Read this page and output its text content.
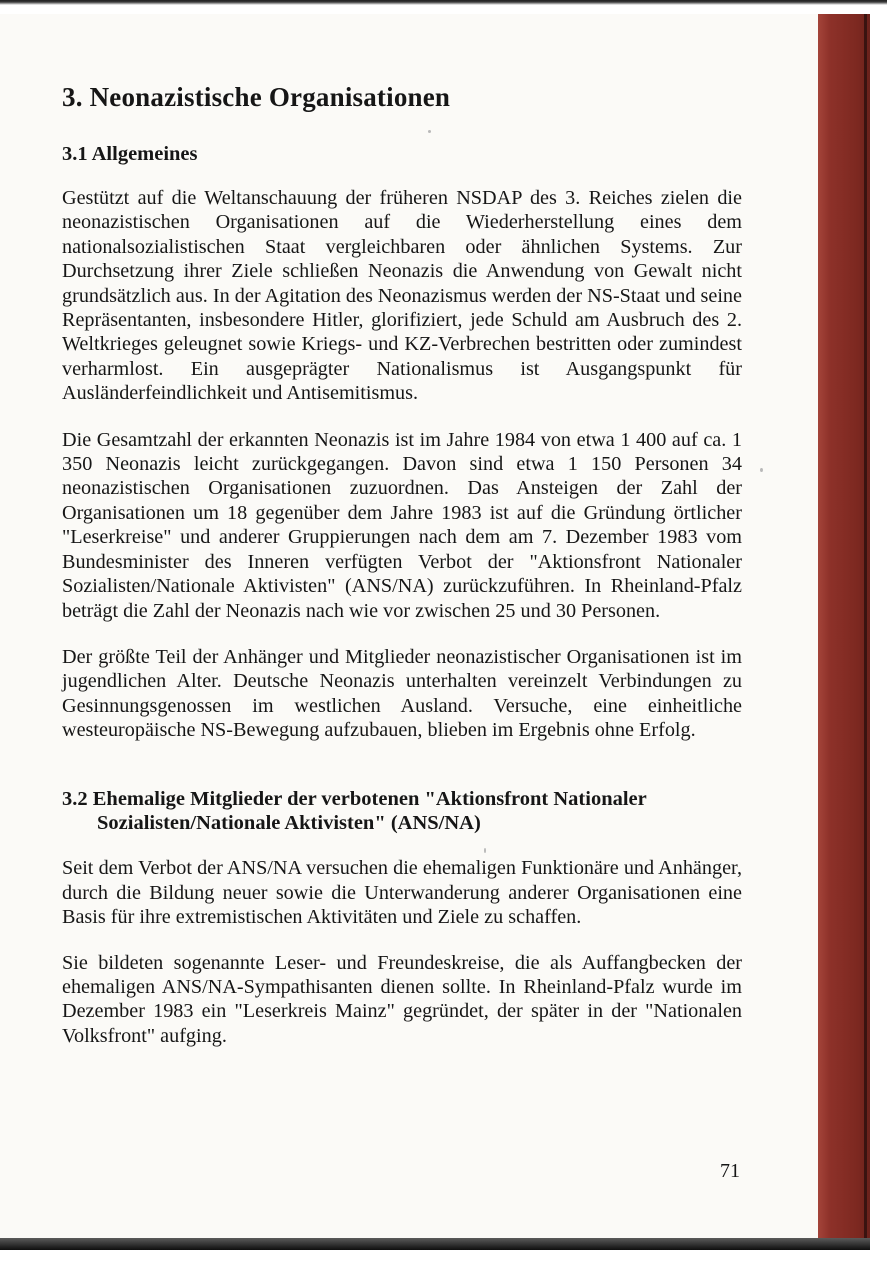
3. Neonazistische Organisationen
3.1 Allgemeines

Gestützt auf die Weltanschauung der früheren NSDAP des 3. Reiches zielen die neonazistischen Organisationen auf die Wiederherstellung eines dem nationalsozialistischen Staat vergleichbaren oder ähnlichen Systems. Zur Durchsetzung ihrer Ziele schließen Neonazis die Anwendung von Gewalt nicht grundsätzlich aus. In der Agitation des Neonazismus werden der NS-Staat und seine Repräsentanten, insbesondere Hitler, glorifiziert, jede Schuld am Ausbruch des 2. Weltkrieges geleugnet sowie Kriegs- und KZ-Verbrechen bestritten oder zumindest verharmlost. Ein ausgeprägter Nationalismus ist Ausgangspunkt für Ausländerfeindlichkeit und Antisemitismus.

Die Gesamtzahl der erkannten Neonazis ist im Jahre 1984 von etwa 1 400 auf ca. 1 350 Neonazis leicht zurückgegangen. Davon sind etwa 1 150 Personen 34 neonazistischen Organisationen zuzuordnen. Das Ansteigen der Zahl der Organisationen um 18 gegenüber dem Jahre 1983 ist auf die Gründung örtlicher "Leserkreise" und anderer Gruppierungen nach dem am 7. Dezember 1983 vom Bundesminister des Inneren verfügten Verbot der "Aktionsfront Nationaler Sozialisten/Nationale Aktivisten" (ANS/NA) zurückzuführen. In Rheinland-Pfalz beträgt die Zahl der Neonazis nach wie vor zwischen 25 und 30 Personen.

Der größte Teil der Anhänger und Mitglieder neonazistischer Organisationen ist im jugendlichen Alter. Deutsche Neonazis unterhalten vereinzelt Verbindungen zu Gesinnungsgenossen im westlichen Ausland. Versuche, eine einheitliche westeuropäische NS-Bewegung aufzubauen, blieben im Ergebnis ohne Erfolg.

3.2 Ehemalige Mitglieder der verbotenen "Aktionsfront Nationaler Sozialisten/Nationale Aktivisten" (ANS/NA)

Seit dem Verbot der ANS/NA versuchen die ehemaligen Funktionäre und Anhänger, durch die Bildung neuer sowie die Unterwanderung anderer Organisationen eine Basis für ihre extremistischen Aktivitäten und Ziele zu schaffen.

Sie bildeten sogenannte Leser- und Freundeskreise, die als Auffangbecken der ehemaligen ANS/NA-Sympathisanten dienen sollte. In Rheinland-Pfalz wurde im Dezember 1983 ein "Leserkreis Mainz" gegründet, der später in der "Nationalen Volksfront" aufging.

71
